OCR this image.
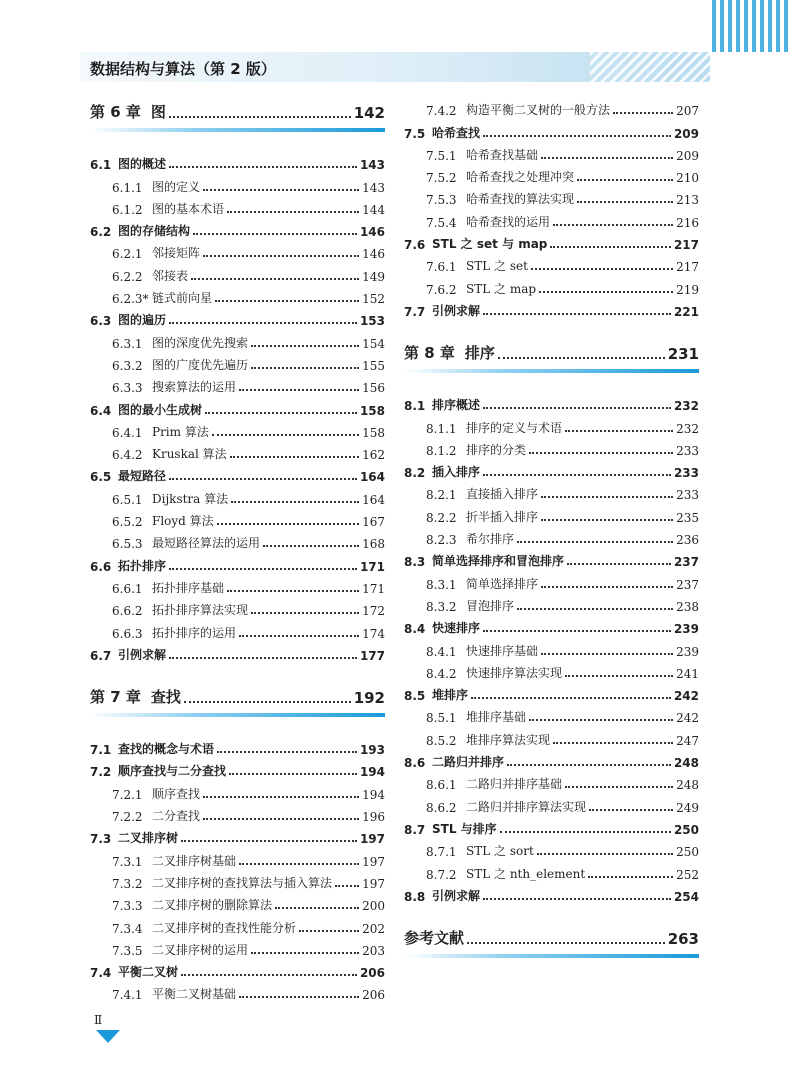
数据结构与算法（第 2 版）
第 6 章 图	142
6.1 图的概述	143
6.1.1 图的定义	143
6.1.2 图的基本术语	144
6.2 图的存储结构	146
6.2.1 邻接矩阵	146
6.2.2 邻接表	149
6.2.3* 链式前向星	152
6.3 图的遍历	153
6.3.1 图的深度优先搜索	154
6.3.2 图的广度优先遍历	155
6.3.3 搜索算法的运用	156
6.4 图的最小生成树	158
6.4.1 Prim 算法	158
6.4.2 Kruskal 算法	162
6.5 最短路径	164
6.5.1 Dijkstra 算法	164
6.5.2 Floyd 算法	167
6.5.3 最短路径算法的运用	168
6.6 拓扑排序	171
6.6.1 拓扑排序基础	171
6.6.2 拓扑排序算法实现	172
6.6.3 拓扑排序的运用	174
6.7 引例求解	177
第 7 章 查找	192
7.1 查找的概念与术语	193
7.2 顺序查找与二分查找	194
7.2.1 顺序查找	194
7.2.2 二分查找	196
7.3 二叉排序树	197
7.3.1 二叉排序树基础	197
7.3.2 二叉排序树的查找算法与插入算法	197
7.3.3 二叉排序树的删除算法	200
7.3.4 二叉排序树的查找性能分析	202
7.3.5 二叉排序树的运用	203
7.4 平衡二叉树	206
7.4.1 平衡二叉树基础	206
7.4.2 构造平衡二叉树的一般方法	207
7.5 哈希查找	209
7.5.1 哈希查找基础	209
7.5.2 哈希查找之处理冲突	210
7.5.3 哈希查找的算法实现	213
7.5.4 哈希查找的运用	216
7.6 STL 之 set 与 map	217
7.6.1 STL 之 set	217
7.6.2 STL 之 map	219
7.7 引例求解	221
第 8 章 排序	231
8.1 排序概述	232
8.1.1 排序的定义与术语	232
8.1.2 排序的分类	233
8.2 插入排序	233
8.2.1 直接插入排序	233
8.2.2 折半插入排序	235
8.2.3 希尔排序	236
8.3 简单选择排序和冒泡排序	237
8.3.1 简单选择排序	237
8.3.2 冒泡排序	238
8.4 快速排序	239
8.4.1 快速排序基础	239
8.4.2 快速排序算法实现	241
8.5 堆排序	242
8.5.1 堆排序基础	242
8.5.2 堆排序算法实现	247
8.6 二路归并排序	248
8.6.1 二路归并排序基础	248
8.6.2 二路归并排序算法实现	249
8.7 STL 与排序	250
8.7.1 STL 之 sort	250
8.7.2 STL 之 nth_element	252
8.8 引例求解	254
参考文献	263
Ⅱ
